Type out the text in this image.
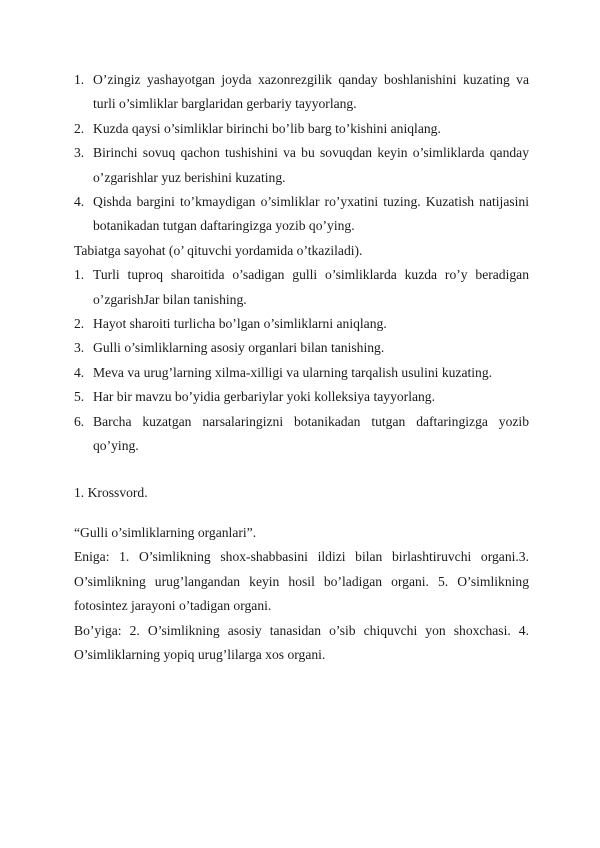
1. O’zingiz yashayotgan joyda xazonrezgilik qanday boshlanishini kuzating va turli o’simliklar barglaridan gerbariy tayyorlang.
2. Kuzda qaysi o’simliklar birinchi bo’lib barg to’kishini aniqlang.
3. Birinchi sovuq qachon tushishini va bu sovuqdan keyin o’simliklarda qanday o’zgarishlar yuz berishini kuzating.
4. Qishda bargini to’kmaydigan o’simliklar ro’yxatini tuzing. Kuzatish natijasini botanikadan tutgan daftaringizga yozib qo’ying.

Tabiatga sayohat (o’ qituvchi yordamida o’tkaziladi).

1. Turli tuproq sharoitida o’sadigan gulli o’simliklarda kuzda ro’y beradigan o’zgarishJar bilan tanishing.
2. Hayot sharoiti turlicha bo’lgan o’simliklarni aniqlang.
3. Gulli o’simliklarning asosiy organlari bilan tanishing.
4. Meva va urug’larning xilma-xilligi va ularning tarqalish usulini kuzating.
5. Har bir mavzu bo’yidia gerbariylar yoki kolleksiya tayyorlang.
6. Barcha kuzatgan narsalaringizni botanikadan tutgan daftaringizga yozib qo’ying.

1. Krossvord.

“Gulli o’simliklarning organlari”.

Eniga: 1. O’simlikning shox-shabbasini ildizi bilan birlashtiruvchi organi.3. O’simlikning urug’langandan keyin hosil bo’ladigan organi. 5. O’simlikning fotosintez jarayoni o’tadigan organi.

Bo’yiga: 2. O’simlikning asosiy tanasidan o’sib chiquvchi yon shoxchasi. 4. O’simliklarning yopiq urug’lilarga xos organi.
